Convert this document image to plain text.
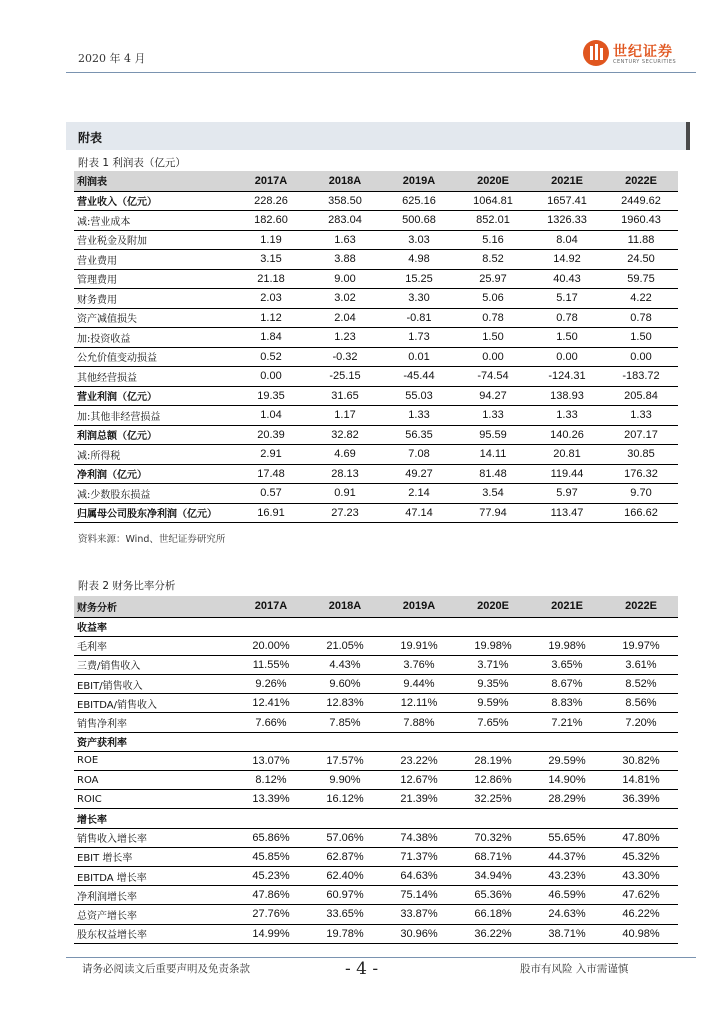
2020 年 4 月	世纪证券
CENTURY SECURITIES
附表
附表 1 利润表（亿元）
利润表	2017A	2018A	2019A	2020E	2021E	2022E
营业收入（亿元）	228.26	358.50	625.16	1064.81	1657.41	2449.62
减:营业成本	182.60	283.04	500.68	852.01	1326.33	1960.43
营业税金及附加	1.19	1.63	3.03	5.16	8.04	11.88
营业费用	3.15	3.88	4.98	8.52	14.92	24.50
管理费用	21.18	9.00	15.25	25.97	40.43	59.75
财务费用	2.03	3.02	3.30	5.06	5.17	4.22
资产减值损失	1.12	2.04	-0.81	0.78	0.78	0.78
加:投资收益	1.84	1.23	1.73	1.50	1.50	1.50
公允价值变动损益	0.52	-0.32	0.01	0.00	0.00	0.00
其他经营损益	0.00	-25.15	-45.44	-74.54	-124.31	-183.72
营业利润（亿元）	19.35	31.65	55.03	94.27	138.93	205.84
加:其他非经营损益	1.04	1.17	1.33	1.33	1.33	1.33
利润总额（亿元）	20.39	32.82	56.35	95.59	140.26	207.17
减:所得税	2.91	4.69	7.08	14.11	20.81	30.85
净利润（亿元）	17.48	28.13	49.27	81.48	119.44	176.32
减:少数股东损益	0.57	0.91	2.14	3.54	5.97	9.70
归属母公司股东净利润（亿元）	16.91	27.23	47.14	77.94	113.47	166.62
资料来源：Wind、世纪证券研究所
附表 2 财务比率分析
财务分析	2017A	2018A	2019A	2020E	2021E	2022E
收益率						
毛利率	20.00%	21.05%	19.91%	19.98%	19.98%	19.97%
三费/销售收入	11.55%	4.43%	3.76%	3.71%	3.65%	3.61%
EBIT/销售收入	9.26%	9.60%	9.44%	9.35%	8.67%	8.52%
EBITDA/销售收入	12.41%	12.83%	12.11%	9.59%	8.83%	8.56%
销售净利率	7.66%	7.85%	7.88%	7.65%	7.21%	7.20%
资产获利率						
ROE	13.07%	17.57%	23.22%	28.19%	29.59%	30.82%
ROA	8.12%	9.90%	12.67%	12.86%	14.90%	14.81%
ROIC	13.39%	16.12%	21.39%	32.25%	28.29%	36.39%
增长率						
销售收入增长率	65.86%	57.06%	74.38%	70.32%	55.65%	47.80%
EBIT 增长率	45.85%	62.87%	71.37%	68.71%	44.37%	45.32%
EBITDA 增长率	45.23%	62.40%	64.63%	34.94%	43.23%	43.30%
净利润增长率	47.86%	60.97%	75.14%	65.36%	46.59%	47.62%
总资产增长率	27.76%	33.65%	33.87%	66.18%	24.63%	46.22%
股东权益增长率	14.99%	19.78%	30.96%	36.22%	38.71%	40.98%
请务必阅读文后重要声明及免责条款	- 4 -	股市有风险 入市需谨慎
